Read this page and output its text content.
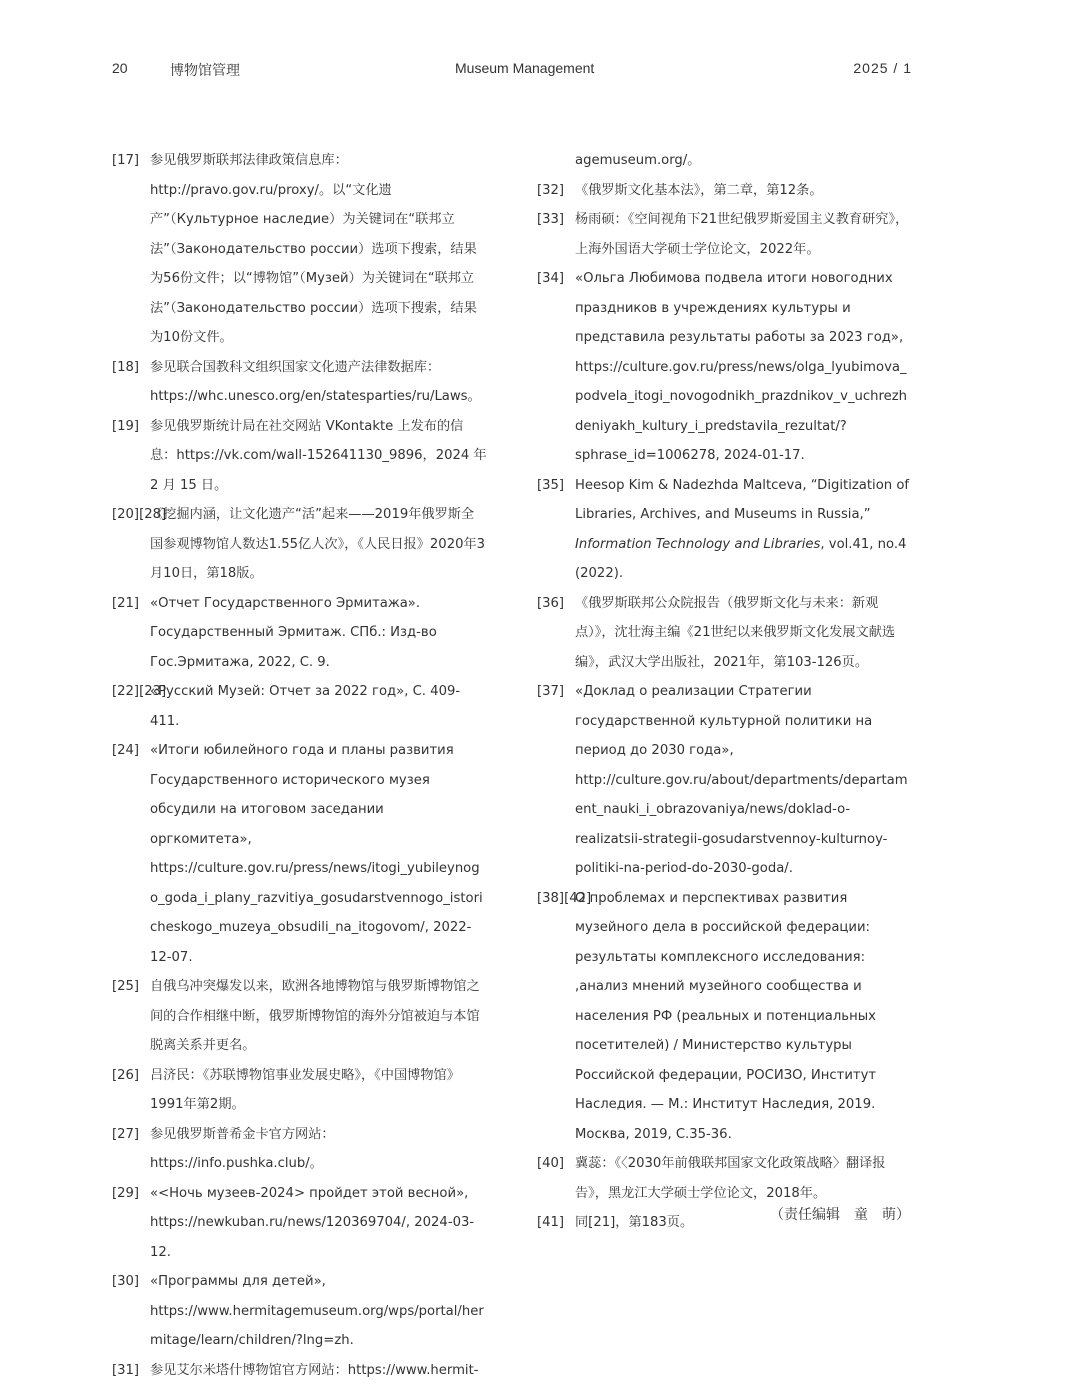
20	博物馆管理	Museum Management	2025 / 1
[17] 参见俄罗斯联邦法律政策信息库：http://pravo.gov.ru/proxy/。以“文化遗产”（Культурное наследие）为关键词在“联邦立法”（Законодательство россии）选项下搜索，结果为56份文件；以“博物馆”（Музей）为关键词在“联邦立法”（Законодательство россии）选项下搜索，结果为10份文件。
[18] 参见联合国教科文组织国家文化遗产法律数据库：https://whc.unesco.org/en/statesparties/ru/Laws。
[19] 参见俄罗斯统计局在社交网站 VKontakte 上发布的信息：https://vk.com/wall-152641130_9896，2024 年 2 月 15 日。
[20][28]
《挖掘内涵，让文化遗产“活”起来——2019年俄罗斯全国参观博物馆人数达1.55亿人次》，《人民日报》2020年3月10日，第18版。
[21] «Отчет Государственного Эрмитажа». Государственный Эрмитаж. СПб.: Изд-во Гос.Эрмитажа, 2022, С. 9.
[22][23]
«Русский Музей: Отчет за 2022 год», С. 409-411.
[24] «Итоги юбилейного года и планы развития Государственного исторического музея обсудили на итоговом заседании оргкомитета», https://culture.gov.ru/press/news/itogi_yubileynogo_goda_i_plany_razvitiya_gosudarstvennogo_istoricheskogo_muzeya_obsudili_na_itogovom/, 2022-12-07.
[25] 自俄乌冲突爆发以来，欧洲各地博物馆与俄罗斯博物馆之间的合作相继中断，俄罗斯博物馆的海外分馆被迫与本馆脱离关系并更名。
[26] 吕济民：《苏联博物馆事业发展史略》，《中国博物馆》1991年第2期。
[27] 参见俄罗斯普希金卡官方网站：https://info.pushka.club/。
[29] «<Ночь музеев-2024> пройдет этой весной», https://newkuban.ru/news/120369704/, 2024-03-12.
[30] «Программы для детей», https://www.hermitagemuseum.org/wps/portal/hermitage/learn/children/?lng=zh.
[31] 参见艾尔米塔什博物馆官方网站：https://www.hermit-
agemuseum.org/。
[32] 《俄罗斯文化基本法》，第二章，第12条。
[33] 杨雨硕：《空间视角下21世纪俄罗斯爱国主义教育研究》，上海外国语大学硕士学位论文，2022年。
[34] «Ольга Любимова подвела итоги новогодних праздников в учреждениях культуры и представила результаты работы за 2023 год», https://culture.gov.ru/press/news/olga_lyubimova_podvela_itogi_novogodnikh_prazdnikov_v_uchrezhdeniyakh_kultury_i_predstavila_rezultat/?sphrase_id=1006278, 2024-01-17.
[35] Heesop Kim & Nadezhda Maltceva, “Digitization of Libraries, Archives, and Museums in Russia,” Information Technology and Libraries, vol.41, no.4 (2022).
[36] 《俄罗斯联邦公众院报告（俄罗斯文化与未来：新观点）》，沈壮海主编《21世纪以来俄罗斯文化发展文献选编》，武汉大学出版社，2021年，第103-126页。
[37] «Доклад о реализации Стратегии государственной культурной политики на период до 2030 года», http://culture.gov.ru/about/departments/departament_nauki_i_obrazovaniya/news/doklad-o-realizatsii-strategii-gosudarstvennoy-kulturnoy-politiki-na-period-do-2030-goda/.
[38][42]
О проблемах и перспективах развития музейного дела в российской федерации: результаты комплексного исследования: ,анализ мнений музейного сообщества и населения РФ (реальных и потенциальных посетителей) / Министерство культуры Российской федерации, РОСИЗО, Институт Наследия. — М.: Институт Наследия, 2019. Москва, 2019, С.35-36.
[40] 冀蕊：《〈2030年前俄联邦国家文化政策战略〉翻译报告》，黑龙江大学硕士学位论文，2018年。
[41] 同[21]，第183页。	（责任编辑　童　萌）
